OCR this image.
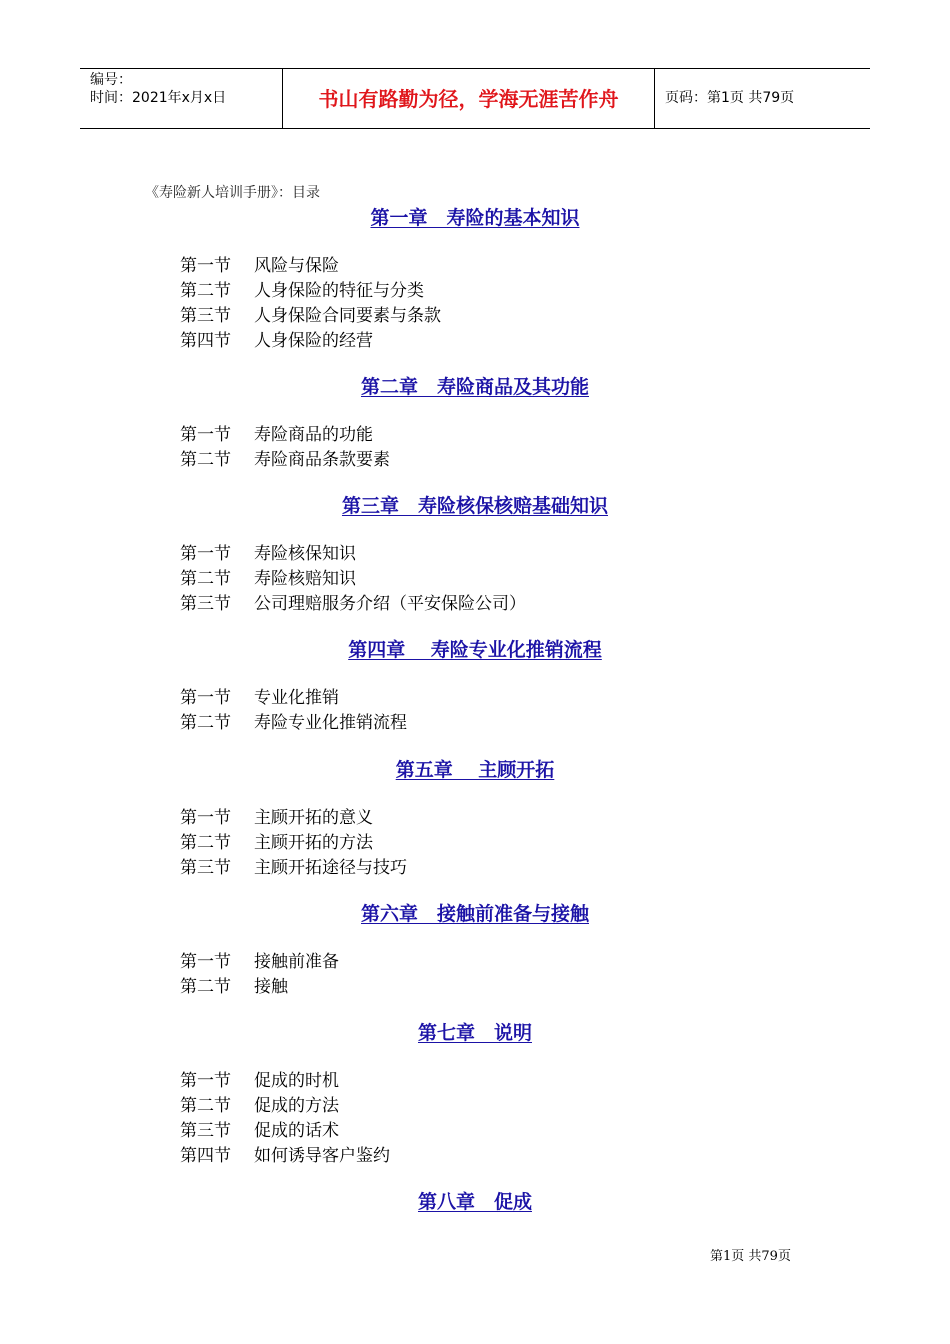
编号：
时间：2021年x月x日	书山有路勤为径，学海无涯苦作舟	页码：第1页 共79页
《寿险新人培训手册》：目录
第一章　寿险的基本知识
第一节 风险与保险
第二节 人身保险的特征与分类
第三节 人身保险合同要素与条款
第四节 人身保险的经营
第二章　寿险商品及其功能
第一节 寿险商品的功能
第二节 寿险商品条款要素
第三章　寿险核保核赔基础知识
第一节 寿险核保知识
第二节 寿险核赔知识
第三节 公司理赔服务介绍（平安保险公司）
第四章　 寿险专业化推销流程
第一节 专业化推销
第二节 寿险专业化推销流程
第五章　 主顾开拓
第一节 主顾开拓的意义
第二节 主顾开拓的方法
第三节 主顾开拓途径与技巧
第六章　接触前准备与接触
第一节 接触前准备
第二节 接触
第七章　说明
第一节 促成的时机
第二节 促成的方法
第三节 促成的话术
第四节 如何诱导客户鉴约
第八章　促成
第1页 共79页
